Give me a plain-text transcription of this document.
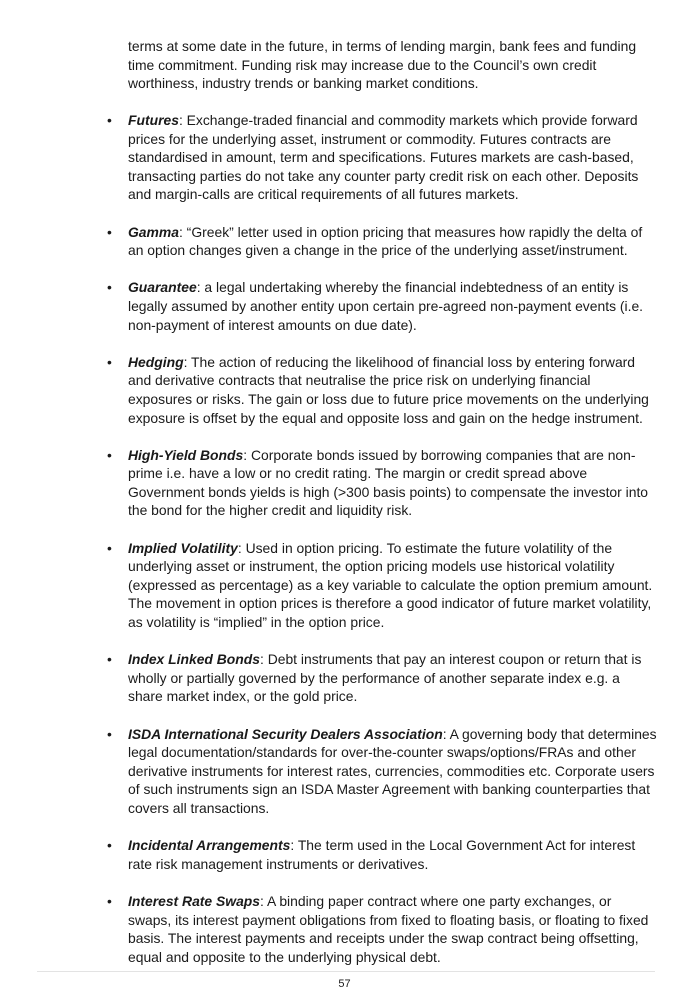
terms at some date in the future, in terms of lending margin, bank fees and funding time commitment. Funding risk may increase due to the Council’s own credit worthiness, industry trends or banking market conditions.

• Futures: Exchange-traded financial and commodity markets which provide forward prices for the underlying asset, instrument or commodity. Futures contracts are standardised in amount, term and specifications. Futures markets are cash-based, transacting parties do not take any counter party credit risk on each other. Deposits and margin-calls are critical requirements of all futures markets.
• Gamma: “Greek” letter used in option pricing that measures how rapidly the delta of an option changes given a change in the price of the underlying asset/instrument.
• Guarantee: a legal undertaking whereby the financial indebtedness of an entity is legally assumed by another entity upon certain pre-agreed non-payment events (i.e. non-payment of interest amounts on due date).
• Hedging: The action of reducing the likelihood of financial loss by entering forward and derivative contracts that neutralise the price risk on underlying financial exposures or risks. The gain or loss due to future price movements on the underlying exposure is offset by the equal and opposite loss and gain on the hedge instrument.
• High-Yield Bonds: Corporate bonds issued by borrowing companies that are non-prime i.e. have a low or no credit rating. The margin or credit spread above Government bonds yields is high (>300 basis points) to compensate the investor into the bond for the higher credit and liquidity risk.
• Implied Volatility: Used in option pricing. To estimate the future volatility of the underlying asset or instrument, the option pricing models use historical volatility (expressed as percentage) as a key variable to calculate the option premium amount. The movement in option prices is therefore a good indicator of future market volatility, as volatility is “implied” in the option price.
• Index Linked Bonds: Debt instruments that pay an interest coupon or return that is wholly or partially governed by the performance of another separate index e.g. a share market index, or the gold price.
• ISDA International Security Dealers Association: A governing body that determines legal documentation/standards for over-the-counter swaps/options/FRAs and other derivative instruments for interest rates, currencies, commodities etc. Corporate users of such instruments sign an ISDA Master Agreement with banking counterparties that covers all transactions.
• Incidental Arrangements: The term used in the Local Government Act for interest rate risk management instruments or derivatives.
• Interest Rate Swaps: A binding paper contract where one party exchanges, or swaps, its interest payment obligations from fixed to floating basis, or floating to fixed basis. The interest payments and receipts under the swap contract being offsetting, equal and opposite to the underlying physical debt.
57
